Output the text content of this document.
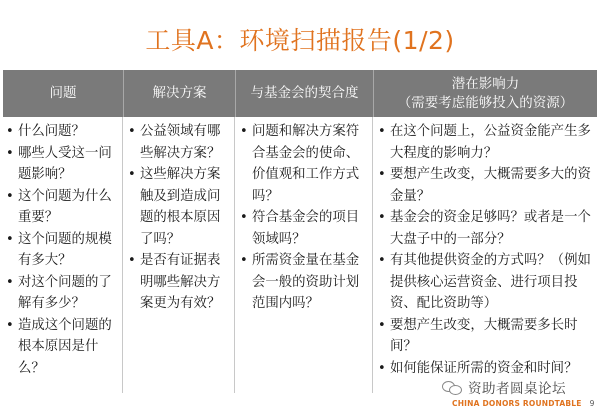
工具A：环境扫描报告(1/2)
问题	解决方案	与基金会的契合度
潜在影响力
（需要考虑能够投入的资源）
• 什么问题？
• 哪些人受这一问题影响？
• 这个问题为什么重要？
• 这个问题的规模有多大？
• 对这个问题的了解有多少？
• 造成这个问题的根本原因是什么？
• 公益领域有哪些解决方案？
• 这些解决方案触及到造成问题的根本原因了吗？
• 是否有证据表明哪些解决方案更为有效？
• 问题和解决方案符合基金会的使命、价值观和工作方式吗？
• 符合基金会的项目领域吗？
• 所需资金量在基金会一般的资助计划范围内吗？
• 在这个问题上，公益资金能产生多大程度的影响力？
• 要想产生改变，大概需要多大的资金量？
• 基金会的资金足够吗？或者是一个大盘子中的一部分？
• 有其他提供资金的方式吗？（例如提供核心运营资金、进行项目投资、配比资助等）
• 要想产生改变，大概需要多长时间？
• 如何能保证所需的资金和时间？
资助者圆桌论坛
CHINA DONORS ROUNDTABLE 9
